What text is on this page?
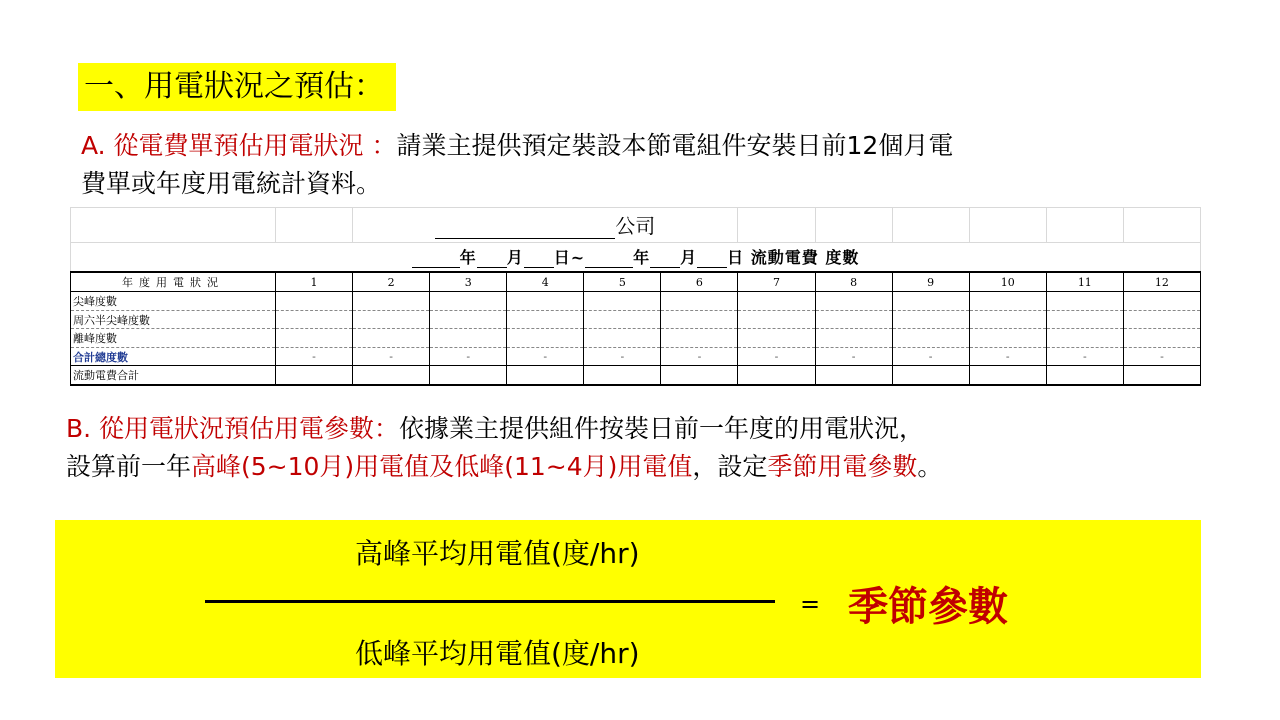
一、用電狀況之預估：
A. 從電費單預估用電狀況 ：請業主提供預定裝設本節電組件安裝日前12個月電
費單或年度用電統計資料。
		公司										
年 月 日~ 年 月 日 流動電費 度數												
年度用電狀況	1	2	3	4	5	6	7	8	9	10	11	12
尖峰度數												
周六半尖峰度數												
離峰度數												
合計總度數	-	-	-	-	-	-	-	-	-	-	-	-
流動電費合計												
B. 從用電狀況預估用電參數：依據業主提供組件按裝日前一年度的用電狀況，
設算前一年高峰(5~10月)用電值及低峰(11~4月)用電值，設定季節用電參數。
高峰平均用電值(度/hr)
低峰平均用電值(度/hr)
= 季節參數
